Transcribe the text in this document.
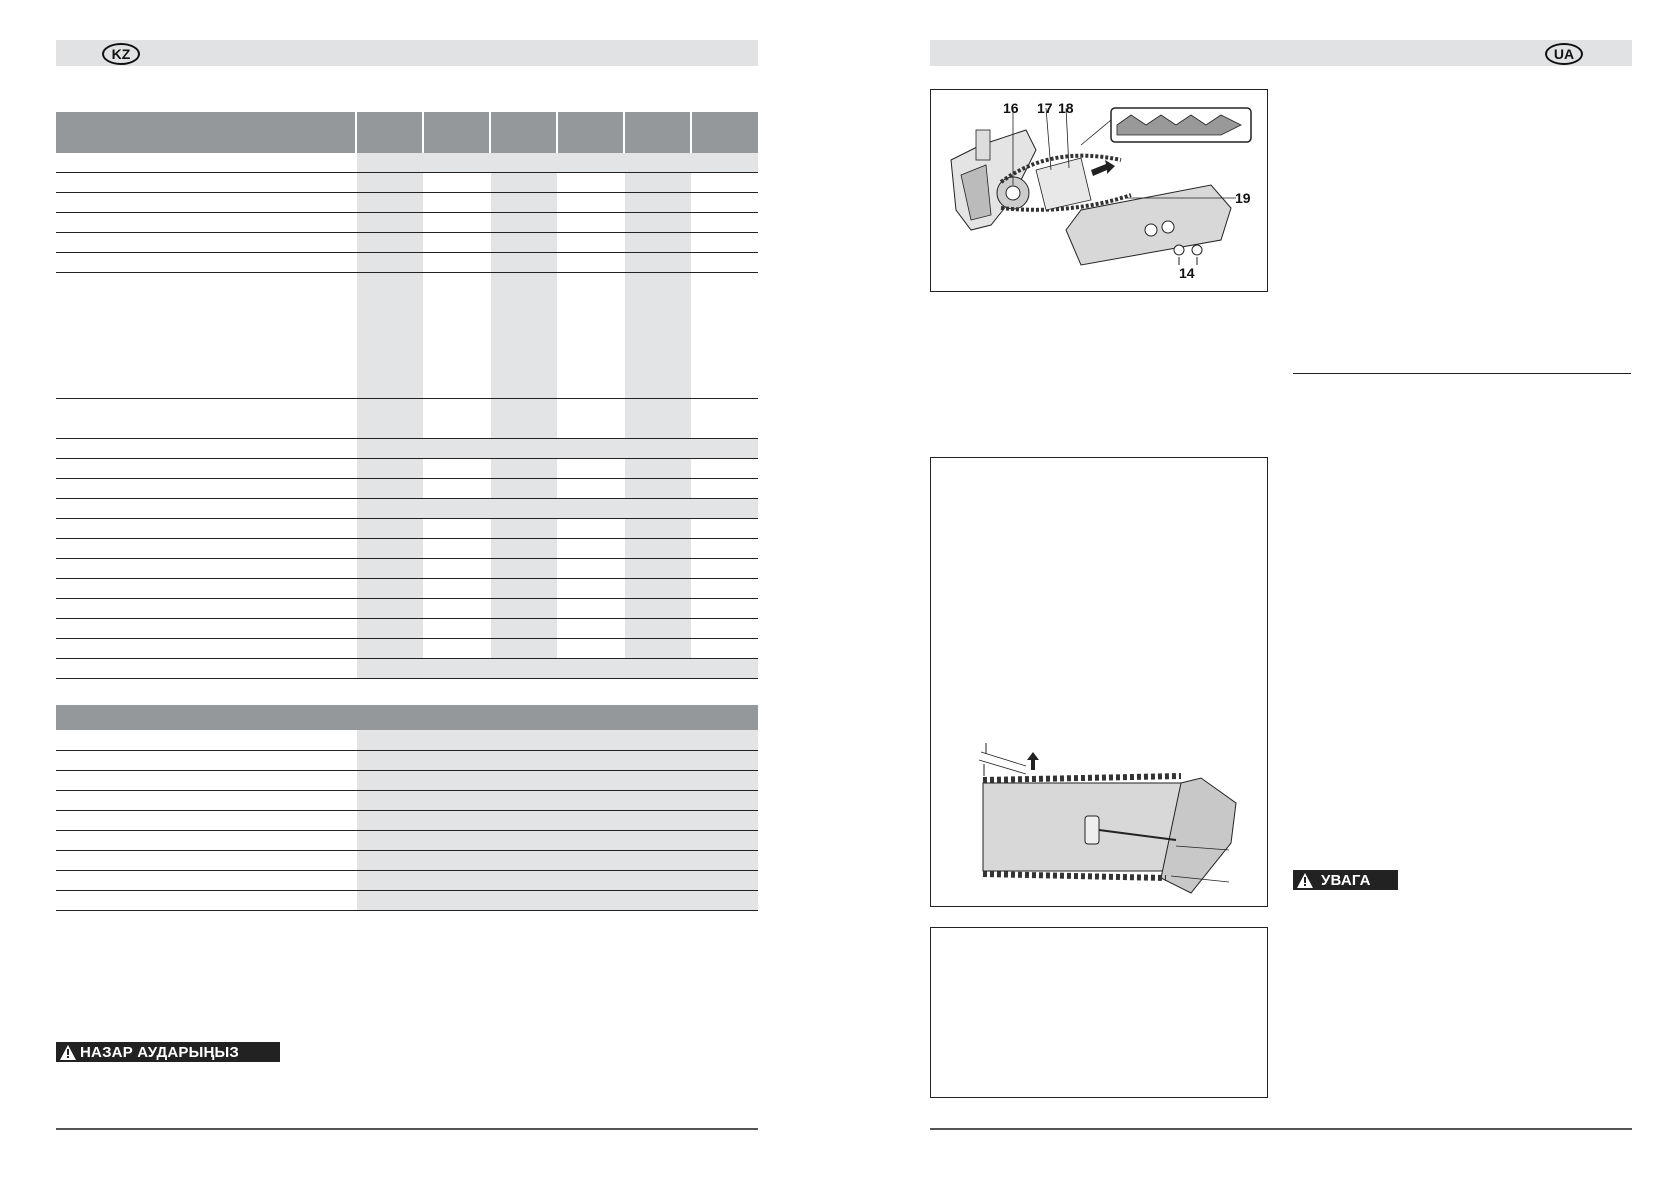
KZ
НАЗАР АУДАРЫҢЫЗ
UA
16 17 18
19
14
УВАГА
